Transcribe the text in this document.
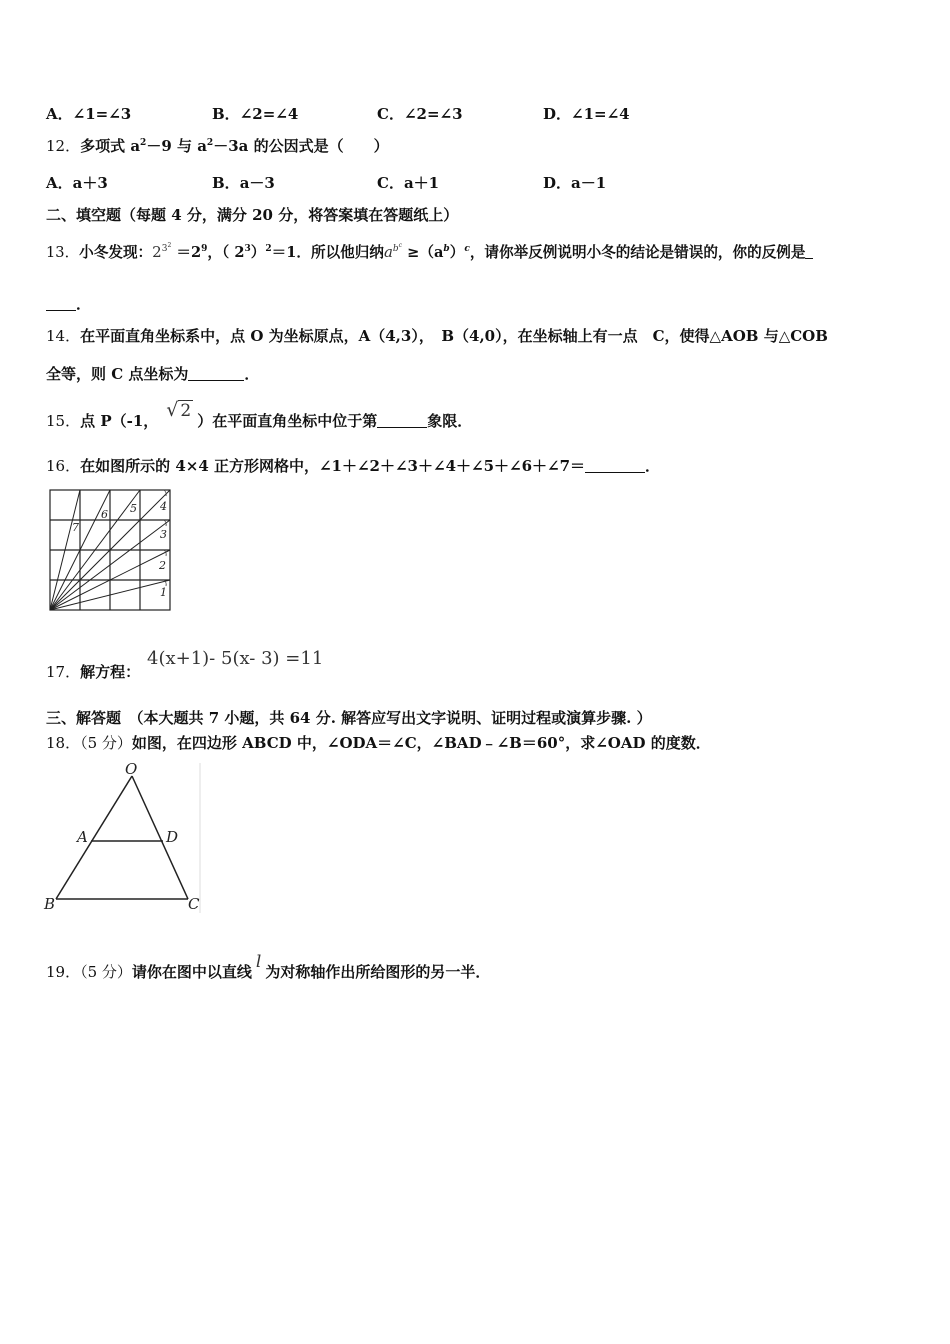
A．∠1=∠3	B．∠2=∠4	C．∠2=∠3	D．∠1=∠4
12．多项式 $a^2-9$ 与 $a^2-3a$ 的公因式是（　　）
A．a＋3	B．a－3	C．a＋1	D．a－1
二、填空题（每题 4 分，满分 20 分，将答案填在答题纸上）
13．小冬发现：$2^{3^2} =2^9$，（ $2^3)^2=1$．所以他归纳$a^{b^c} \ge(a^b)^c$，请你举反例说明小冬的结论是错误的，你的反例是
．
14．在平面直角坐标系中，点 O 为坐标原点，A（4,3），　B（4,0），在坐标轴上有一点　C，使得△AOB 与△COB
全等，则 C 点坐标为	．
15．点 P（-1， √ 2 ）在平面直角坐标中位于第	象限．
16．在如图所示的 4×4 正方形网格中，∠1＋∠2＋∠3＋∠4＋∠5＋∠6＋∠7＝	．
1
2
3
4
5
6
7
17．解方程：
4(x+1)- 5(x- 3) =11
三、解答题　（本大题共 7 小题，共 64 分. 解答应写出文字说明、证明过程或演算步骤. ）
18．（5 分）如图，在四边形 ABCD 中，∠ODA＝∠C，∠BAD﹣∠B＝60°，求∠OAD 的度数．
O
A	D
B	C
19．（5 分）请你在图中以直线 l 为对称轴作出所给图形的另一半．
